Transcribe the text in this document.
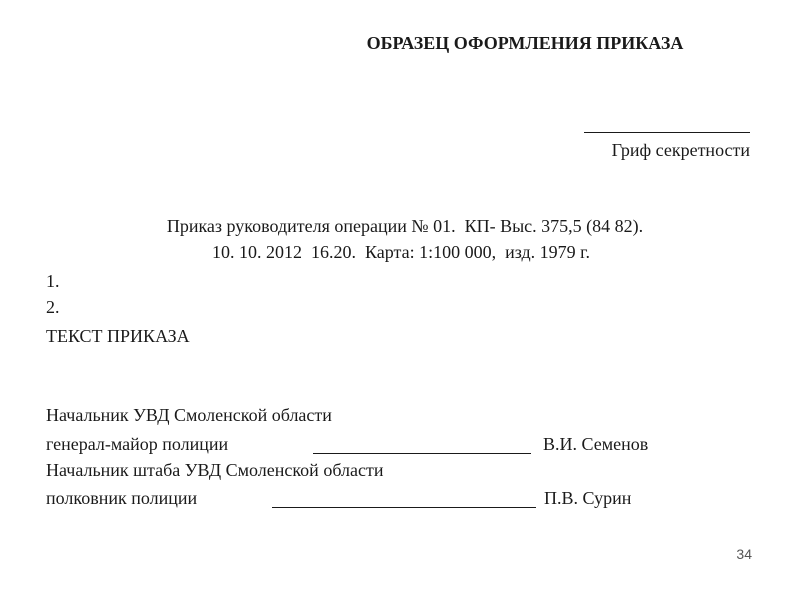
ОБРАЗЕЦ ОФОРМЛЕНИЯ ПРИКАЗА
Гриф секретности

Приказ руководителя операции № 01.  КП- Выс. 375,5 (84 82).

10. 10. 2012  16.20.  Карта: 1:100 000,  изд. 1979 г.

1.
2.
ТЕКСТ ПРИКАЗА
Начальник УВД Смоленской области
генерал-майор полиции	В.И. Семенов
Начальник штаба УВД Смоленской области
полковник полиции	П.В. Сурин
34
